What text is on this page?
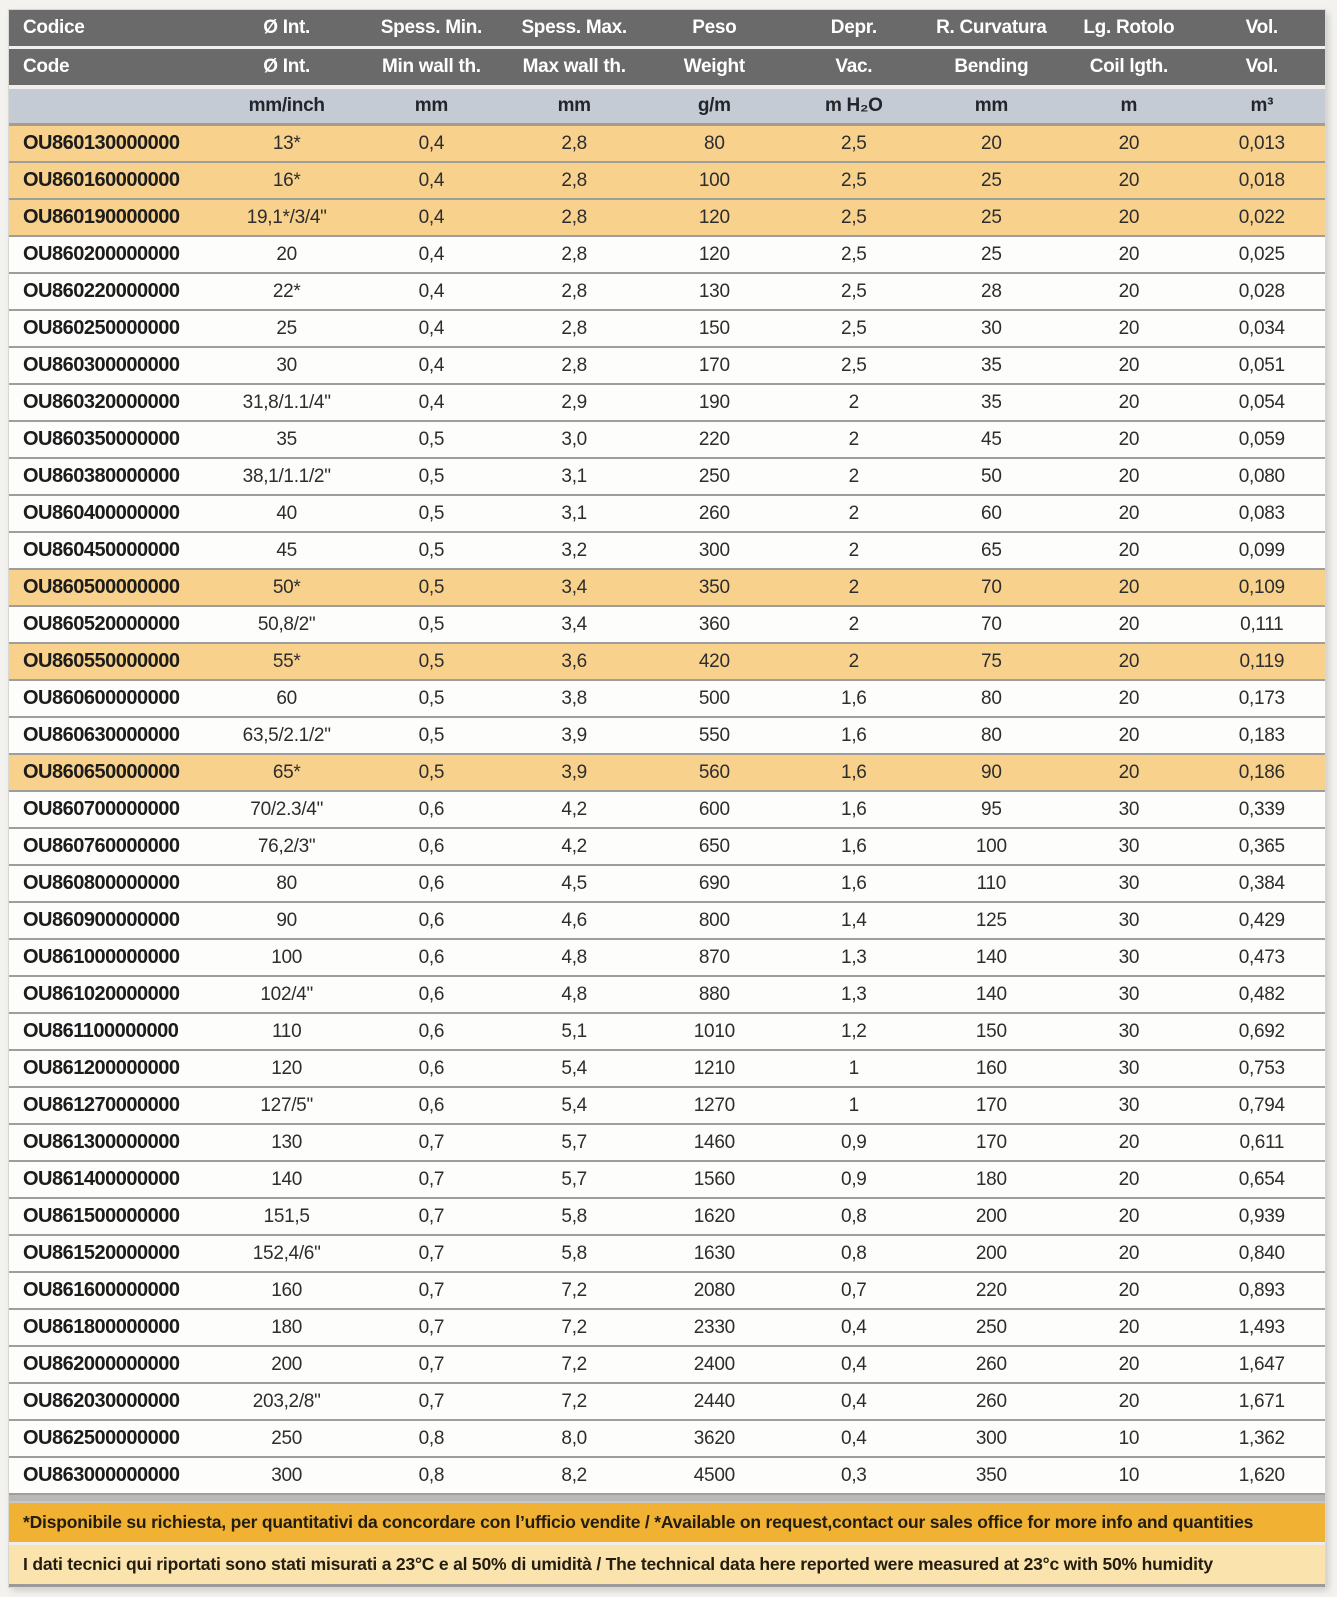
Codice	Ø Int.	Spess. Min.	Spess. Max.	Peso	Depr.	R. Curvatura	Lg. Rotolo	Vol.
Code	Ø Int.	Min wall th.	Max wall th.	Weight	Vac.	Bending	Coil lgth.	Vol.
	mm/inch	mm	mm	g/m	m H₂O	mm	m	m³
OU860130000000	13*	0,4	2,8	80	2,5	20	20	0,013
OU860160000000	16*	0,4	2,8	100	2,5	25	20	0,018
OU860190000000	19,1*/3/4"	0,4	2,8	120	2,5	25	20	0,022
OU860200000000	20	0,4	2,8	120	2,5	25	20	0,025
OU860220000000	22*	0,4	2,8	130	2,5	28	20	0,028
OU860250000000	25	0,4	2,8	150	2,5	30	20	0,034
OU860300000000	30	0,4	2,8	170	2,5	35	20	0,051
OU860320000000	31,8/1.1/4"	0,4	2,9	190	2	35	20	0,054
OU860350000000	35	0,5	3,0	220	2	45	20	0,059
OU860380000000	38,1/1.1/2"	0,5	3,1	250	2	50	20	0,080
OU860400000000	40	0,5	3,1	260	2	60	20	0,083
OU860450000000	45	0,5	3,2	300	2	65	20	0,099
OU860500000000	50*	0,5	3,4	350	2	70	20	0,109
OU860520000000	50,8/2"	0,5	3,4	360	2	70	20	0,111
OU860550000000	55*	0,5	3,6	420	2	75	20	0,119
OU860600000000	60	0,5	3,8	500	1,6	80	20	0,173
OU860630000000	63,5/2.1/2"	0,5	3,9	550	1,6	80	20	0,183
OU860650000000	65*	0,5	3,9	560	1,6	90	20	0,186
OU860700000000	70/2.3/4"	0,6	4,2	600	1,6	95	30	0,339
OU860760000000	76,2/3"	0,6	4,2	650	1,6	100	30	0,365
OU860800000000	80	0,6	4,5	690	1,6	110	30	0,384
OU860900000000	90	0,6	4,6	800	1,4	125	30	0,429
OU861000000000	100	0,6	4,8	870	1,3	140	30	0,473
OU861020000000	102/4"	0,6	4,8	880	1,3	140	30	0,482
OU861100000000	110	0,6	5,1	1010	1,2	150	30	0,692
OU861200000000	120	0,6	5,4	1210	1	160	30	0,753
OU861270000000	127/5"	0,6	5,4	1270	1	170	30	0,794
OU861300000000	130	0,7	5,7	1460	0,9	170	20	0,611
OU861400000000	140	0,7	5,7	1560	0,9	180	20	0,654
OU861500000000	151,5	0,7	5,8	1620	0,8	200	20	0,939
OU861520000000	152,4/6"	0,7	5,8	1630	0,8	200	20	0,840
OU861600000000	160	0,7	7,2	2080	0,7	220	20	0,893
OU861800000000	180	0,7	7,2	2330	0,4	250	20	1,493
OU862000000000	200	0,7	7,2	2400	0,4	260	20	1,647
OU862030000000	203,2/8"	0,7	7,2	2440	0,4	260	20	1,671
OU862500000000	250	0,8	8,0	3620	0,4	300	10	1,362
OU863000000000	300	0,8	8,2	4500	0,3	350	10	1,620
*Disponibile su richiesta, per quantitativi da concordare con l’ufficio vendite / *Available on request,contact our sales office for more info and quantities
I dati tecnici qui riportati sono stati misurati a 23°C e al 50% di umidità / The technical data here reported were measured at 23°c with 50% humidity
